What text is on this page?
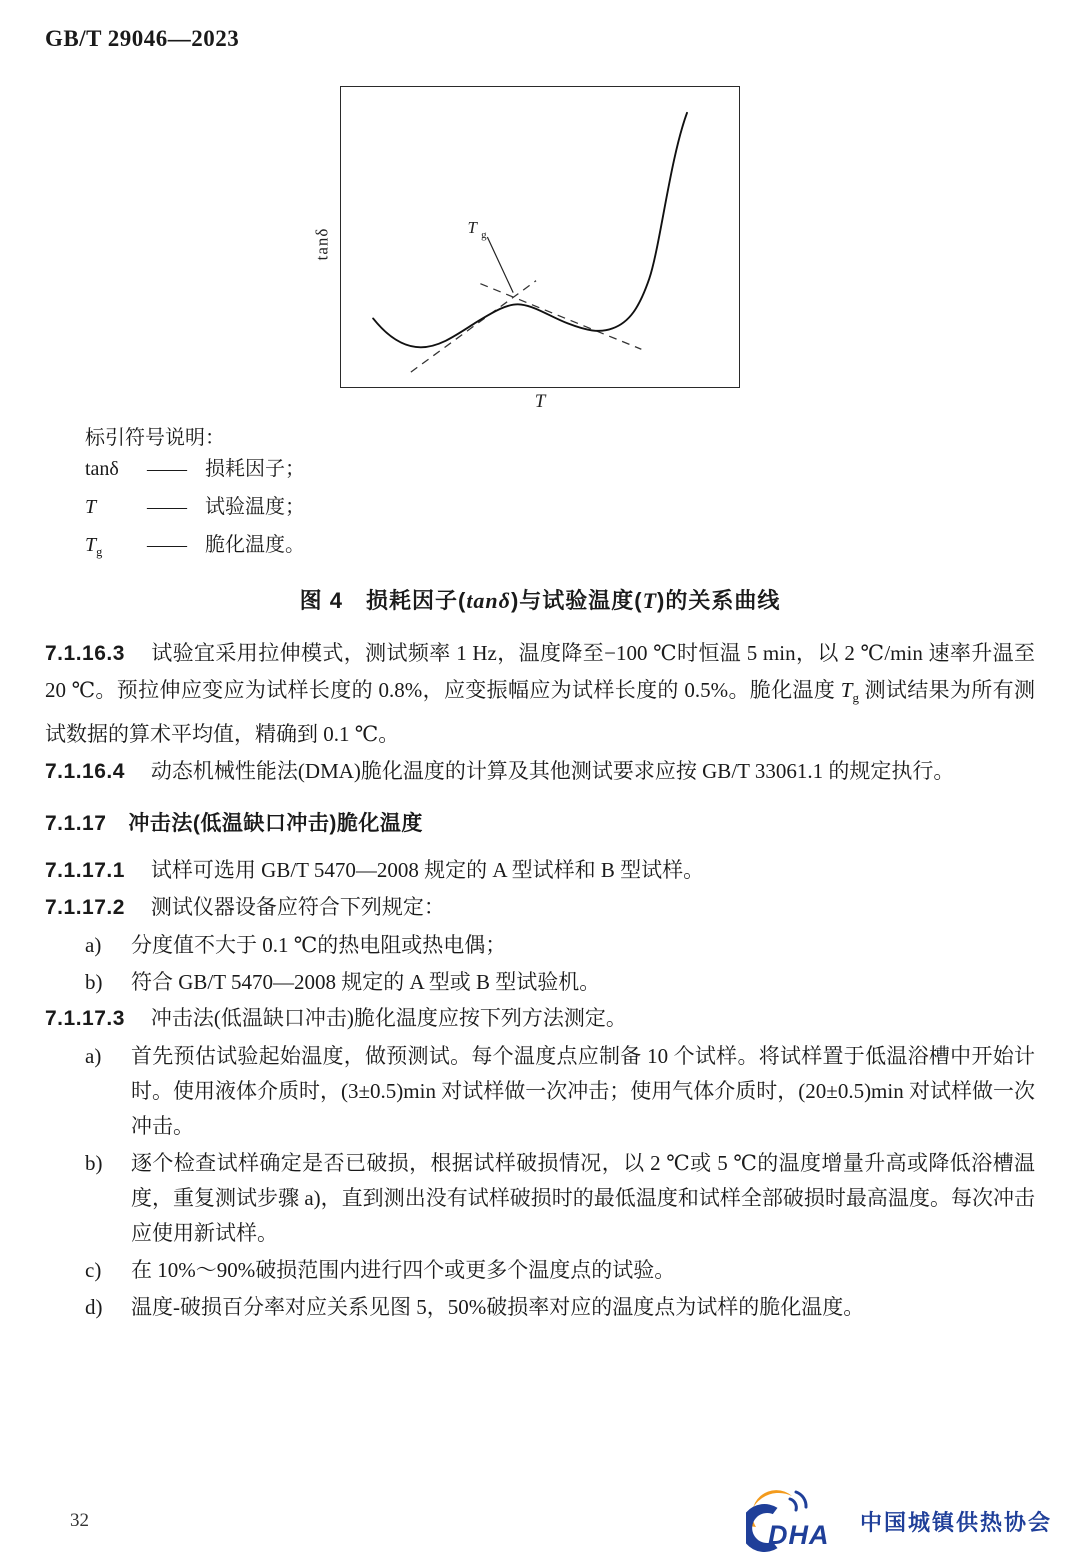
GB/T 29046—2023
tanδ
T $_g$
T
标引符号说明：
tanδ	—— 损耗因子；
T	—— 试验温度；
$T_g$	—— 脆化温度。
图 4　损耗因子(tanδ)与试验温度(T)的关系曲线

7.1.16.3 试验宜采用拉伸模式，测试频率 1 Hz，温度降至−100 ℃时恒温 5 min，以 2 ℃/min 速率升温至 20 ℃。预拉伸应变应为试样长度的 0.8%，应变振幅应为试样长度的 0.5%。脆化温度 $T_g$ 测试结果为所有测试数据的算术平均值，精确到 0.1 ℃。

7.1.16.4 动态机械性能法(DMA)脆化温度的计算及其他测试要求应按 GB/T 33061.1 的规定执行。

7.1.17 冲击法(低温缺口冲击)脆化温度

7.1.17.1 试样可选用 GB/T 5470—2008 规定的 A 型试样和 B 型试样。

7.1.17.2 测试仪器设备应符合下列规定：

a)	分度值不大于 0.1 ℃的热电阻或热电偶；
b)	符合 GB/T 5470—2008 规定的 A 型或 B 型试验机。

7.1.17.3 冲击法(低温缺口冲击)脆化温度应按下列方法测定。

a)	首先预估试验起始温度，做预测试。每个温度点应制备 10 个试样。将试样置于低温浴槽中开始计时。使用液体介质时，(3±0.5)min 对试样做一次冲击；使用气体介质时，(20±0.5)min 对试样做一次冲击。
b)	逐个检查试样确定是否已破损，根据试样破损情况，以 2 ℃或 5 ℃的温度增量升高或降低浴槽温度，重复测试步骤 a)，直到测出没有试样破损时的最低温度和试样全部破损时最高温度。每次冲击应使用新试样。
c)	在 10%～90%破损范围内进行四个或更多个温度点的试验。
d)	温度-破损百分率对应关系见图 5，50%破损率对应的温度点为试样的脆化温度。
32	DHA 中国城镇供热协会
